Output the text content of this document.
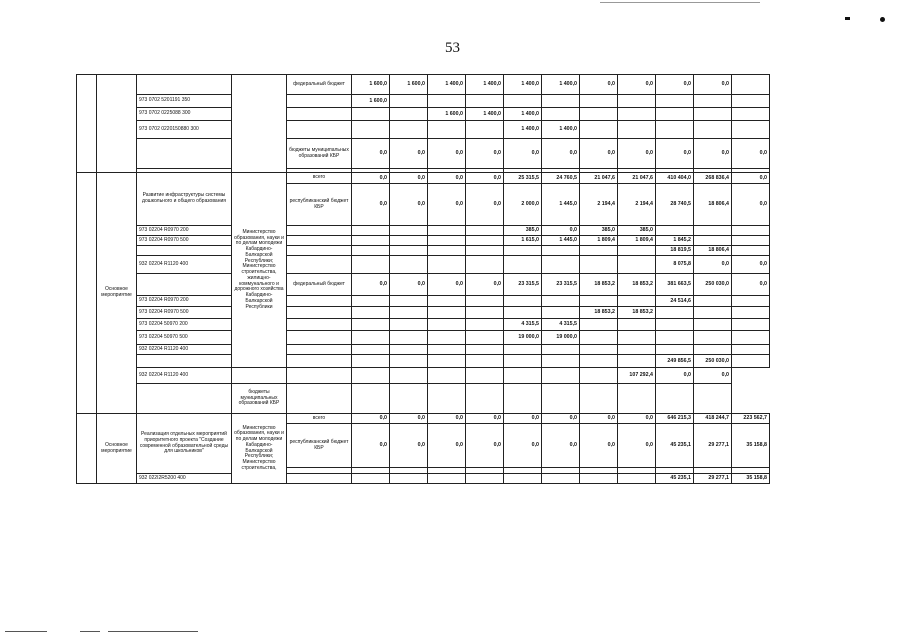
53
				федеральный бюджет	1 600,0	1 600,0	1 400,0	1 400,0	1 400,0	1 400,0	0,0	0,0	0,0	0,0	
		973 0702 5201191 350			1 600,0										
		973 0702 0225088 300					1 600,0	1 400,0	1 400,0						
		973 0702 0220150880 300							1 400,0	1 400,0					
				бюджеты муниципальных образований КБР	0,0	0,0	0,0	0,0	0,0	0,0	0,0	0,0	0,0	0,0	0,0

	Основное мероприятие	Развитие инфраструктуры системы дошкольного и общего образования	Министерство образования, науки и по делам молодежи Кабардино-Балкарской Республики; Министерство строительства, жилищно-коммунального и дорожного хозяйства Кабардино-Балкарской Республики	всего	0,0	0,0	0,0	0,0	25 315,5	24 760,5	21 047,6	21 047,6	410 404,0	268 836,4	0,0
				республиканский бюджет КБР	0,0	0,0	0,0	0,0	2 000,0	1 445,0	2 194,4	2 194,4	28 740,5	18 806,4	0,0
		973 02204 R0970 200							385,0	0,0	385,0	385,0			
		973 02204 R0970 500							1 615,0	1 445,0	1 809,4	1 809,4	1 845,2		
													18 819,5	18 806,4	
		932 02204 R1120 400											8 075,8	0,0	0,0
				федеральный бюджет	0,0	0,0	0,0	0,0	23 315,5	23 315,5	18 853,2	18 853,2	381 663,5	250 030,0	0,0
		973 02204 R0970 200											24 514,6		
		973 02204 R0970 500									18 853,2	18 853,2			
		973 02204 50970 200							4 315,5	4 315,5					
		973 02204 50970 500							19 000,0	19 000,0					
		932 02204 R1120 400													
													249 856,5	250 030,0	
		932 02204 R1120 400										107 292,4	0,0	0,0	
			бюджеты муниципальных образований КБР												
	Основное мероприятие	Реализация отдельных мероприятий приоритетного проекта "Создание современной образовательной среды для школьников"	Министерство образования, науки и по делам молодежи Кабардино-Балкарской Республики; Министерство строительства,	всего	0,0	0,0	0,0	0,0	0,0	0,0	0,0	0,0	646 215,3	418 244,7	223 562,7
				республиканский бюджет КБР	0,0	0,0	0,0	0,0	0,0	0,0	0,0	0,0	45 235,1	29 277,1	35 158,8

		932 022I2R5200 400											45 235,1	29 277,1	35 158,8
